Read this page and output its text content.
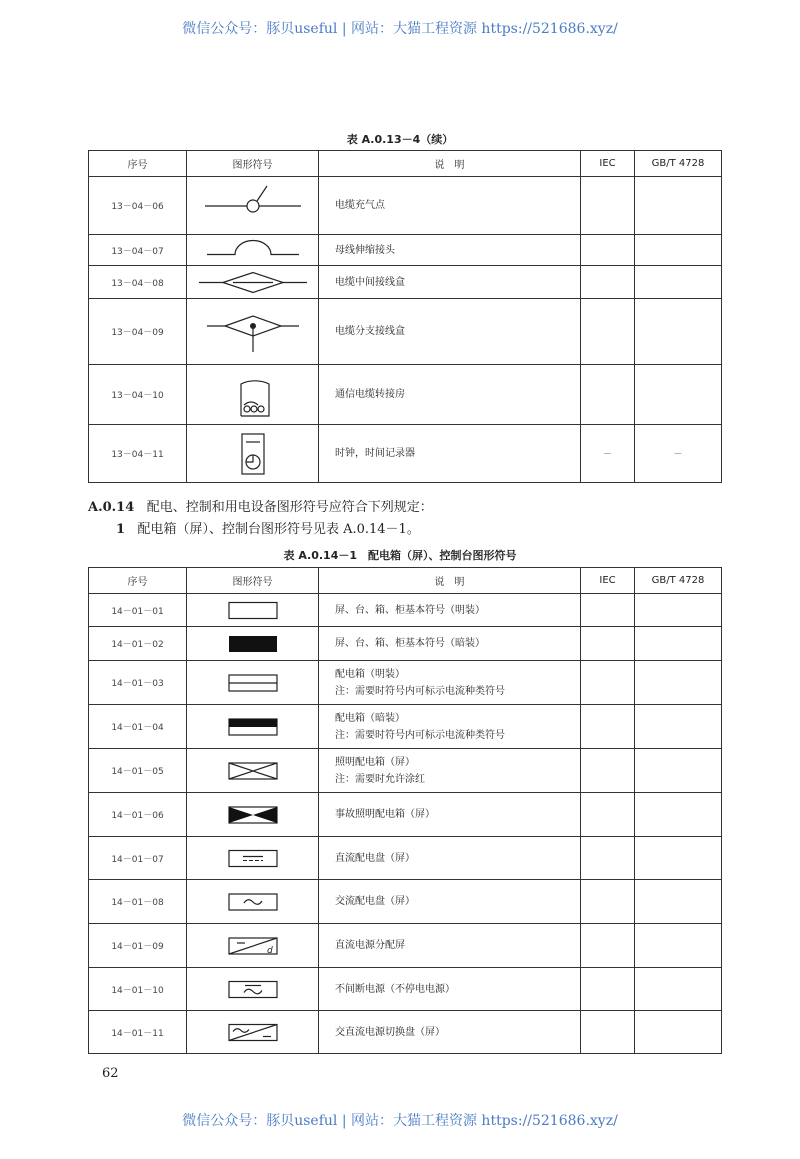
微信公众号：豚贝useful | 网站：大猫工程资源 https://521686.xyz/
表 A.0.13－4（续）
序号	图形符号	说　明	IEC	GB/T 4728
13－04－06		电缆充气点		
13－04－07		母线伸缩接头		
13－04－08		电缆中间接线盒		
13－04－09		电缆分支接线盒		
13－04－10		通信电缆转接房		
13－04－11		时钟，时间记录器	－	－
A.0.14 配电、控制和用电设备图形符号应符合下列规定：
1 配电箱（屏）、控制台图形符号见表 A.0.14－1。
表 A.0.14－1　配电箱（屏）、控制台图形符号
序号	图形符号	说　明	IEC	GB/T 4728
14－01－01		屏、台、箱、柜基本符号（明装）		

14－01－02		屏、台、箱、柜基本符号（暗装）		

14－01－03		配电箱（明装）
注：需要时符号内可标示电流种类符号		

14－01－04		配电箱（暗装）
注：需要时符号内可标示电流种类符号		

14－01－05		照明配电箱（屏）
注：需要时允许涂红		

14－01－06		事故照明配电箱（屏）		

14－01－07		直流配电盘（屏）		

14－01－08		交流配电盘（屏）		

14－01－09	d	直流电源分配屏		

14－01－10		不间断电源（不停电电源）		

14－01－11		交直流电源切换盘（屏）		

62
微信公众号：豚贝useful | 网站：大猫工程资源 https://521686.xyz/
